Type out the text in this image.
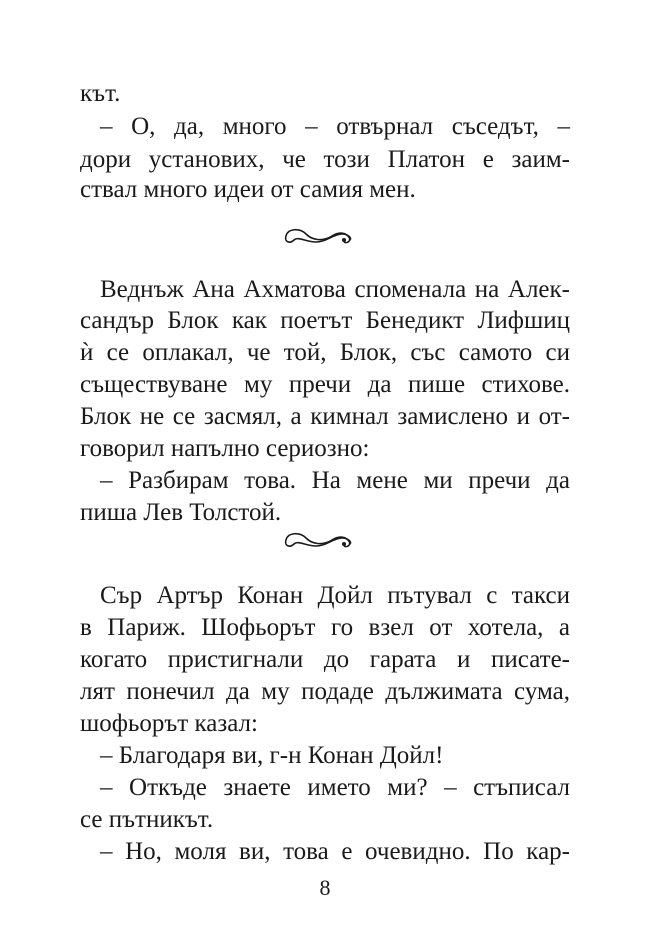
кът.
– О, да, много – отвърнал съседът, –
дори установих, че този Платон е заим-
ствал много идеи от самия мен.
Веднъж Ана Ахматова споменала на Алек-
сандър Блок как поетът Бенедикт Лифшиц
ѝ се оплакал, че той, Блок, със самото си
съществуване му пречи да пише стихове.
Блок не се засмял, а кимнал замислено и от-
говорил напълно сериозно:
– Разбирам това. На мене ми пречи да
пиша Лев Толстой.
Сър Артър Конан Дойл пътувал с такси
в Париж. Шофьорът го взел от хотела, а
когато пристигнали до гарата и писате-
лят понечил да му подаде дължимата сума,
шофьорът казал:
– Благодаря ви, г-н Конан Дойл!
– Откъде знаете името ми? – стъписал
се пътникът.
– Но, моля ви, това е очевидно. По кар-
8
